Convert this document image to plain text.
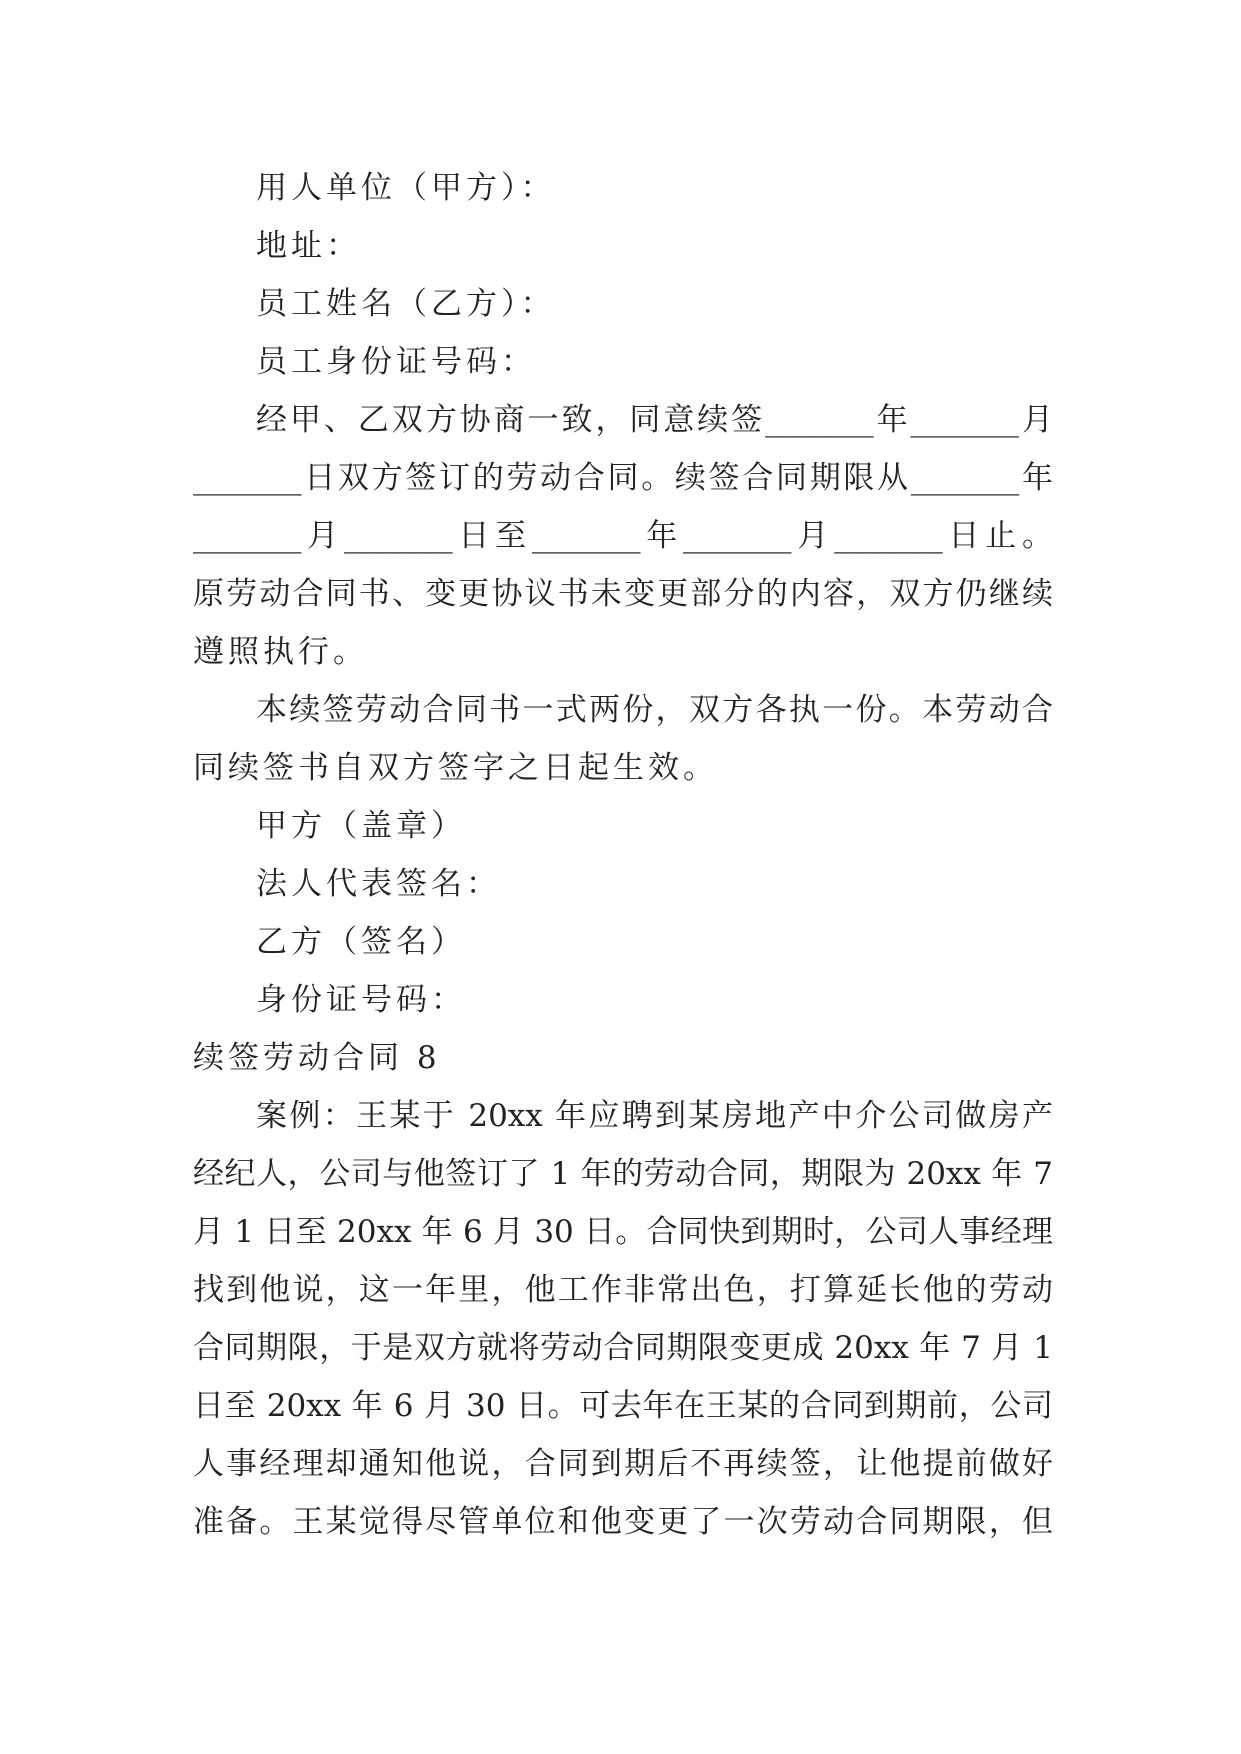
用人单位（甲方）：
地址：
员工姓名（乙方）：
员工身份证号码：
经甲、乙双方协商一致，同意续签_______年_______月
_______日双方签订的劳动合同。续签合同期限从_______年
_______月_______日至_______年_______月_______日止。
原劳动合同书、变更协议书未变更部分的内容，双方仍继续
遵照执行。
本续签劳动合同书一式两份，双方各执一份。本劳动合
同续签书自双方签字之日起生效。
甲方（盖章）
法人代表签名：
乙方（签名）
身份证号码：
续签劳动合同 8
案例：王某于 20xx 年应聘到某房地产中介公司做房产
经纪人，公司与他签订了 1 年的劳动合同，期限为 20xx 年 7
月 1 日至 20xx 年 6 月 30 日。合同快到期时，公司人事经理
找到他说，这一年里，他工作非常出色，打算延长他的劳动
合同期限，于是双方就将劳动合同期限变更成 20xx 年 7 月 1
日至 20xx 年 6 月 30 日。可去年在王某的合同到期前，公司
人事经理却通知他说，合同到期后不再续签，让他提前做好
准备。王某觉得尽管单位和他变更了一次劳动合同期限，但
